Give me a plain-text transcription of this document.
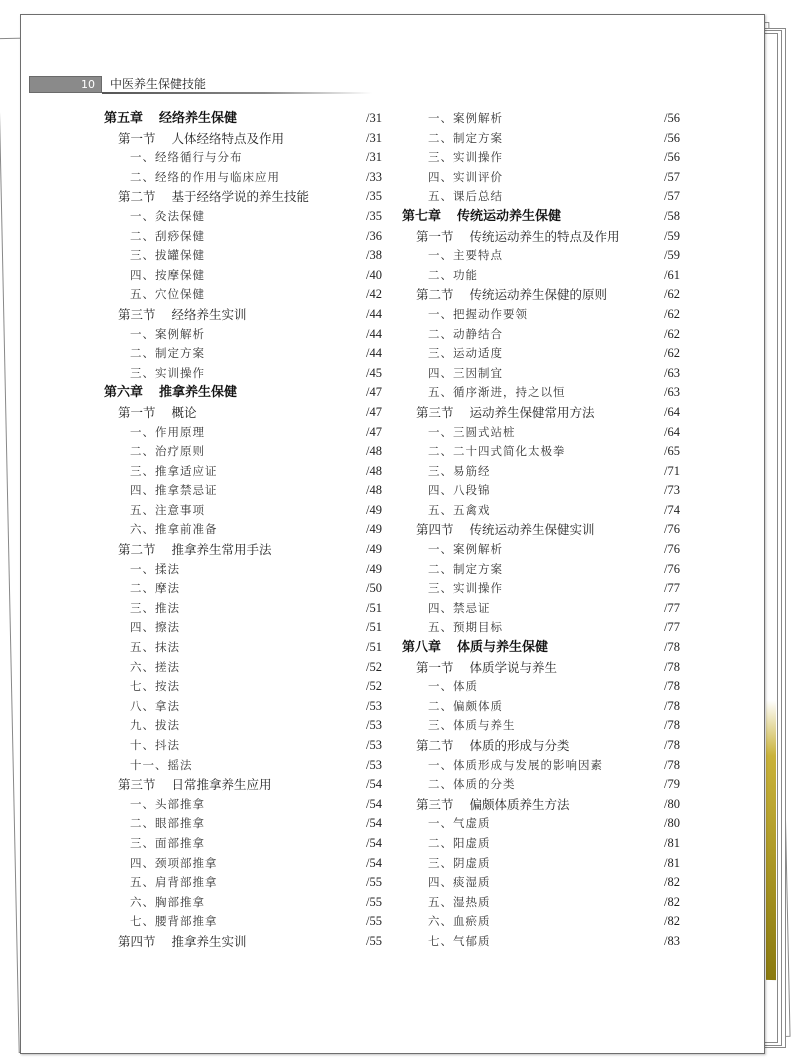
10	中医养生保健技能
第五章 经络养生保健	/31
第一节 人体经络特点及作用	/31
一、经络循行与分布	/31
二、经络的作用与临床应用	/33
第二节 基于经络学说的养生技能	/35
一、灸法保健	/35
二、刮痧保健	/36
三、拔罐保健	/38
四、按摩保健	/40
五、穴位保健	/42
第三节 经络养生实训	/44
一、案例解析	/44
二、制定方案	/44
三、实训操作	/45
第六章 推拿养生保健	/47
第一节 概论	/47
一、作用原理	/47
二、治疗原则	/48
三、推拿适应证	/48
四、推拿禁忌证	/48
五、注意事项	/49
六、推拿前准备	/49
第二节 推拿养生常用手法	/49
一、揉法	/49
二、摩法	/50
三、推法	/51
四、擦法	/51
五、抹法	/51
六、搓法	/52
七、按法	/52
八、拿法	/53
九、拔法	/53
十、抖法	/53
十一、摇法	/53
第三节 日常推拿养生应用	/54
一、头部推拿	/54
二、眼部推拿	/54
三、面部推拿	/54
四、颈项部推拿	/54
五、肩背部推拿	/55
六、胸部推拿	/55
七、腰背部推拿	/55
第四节 推拿养生实训	/55
一、案例解析	/56
二、制定方案	/56
三、实训操作	/56
四、实训评价	/57
五、课后总结	/57
第七章 传统运动养生保健	/58
第一节 传统运动养生的特点及作用	/59
一、主要特点	/59
二、功能	/61
第二节 传统运动养生保健的原则	/62
一、把握动作要领	/62
二、动静结合	/62
三、运动适度	/62
四、三因制宜	/63
五、循序渐进，持之以恒	/63
第三节 运动养生保健常用方法	/64
一、三圆式站桩	/64
二、二十四式简化太极拳	/65
三、易筋经	/71
四、八段锦	/73
五、五禽戏	/74
第四节 传统运动养生保健实训	/76
一、案例解析	/76
二、制定方案	/76
三、实训操作	/77
四、禁忌证	/77
五、预期目标	/77
第八章 体质与养生保健	/78
第一节 体质学说与养生	/78
一、体质	/78
二、偏颇体质	/78
三、体质与养生	/78
第二节 体质的形成与分类	/78
一、体质形成与发展的影响因素	/78
二、体质的分类	/79
第三节 偏颇体质养生方法	/80
一、气虚质	/80
二、阳虚质	/81
三、阴虚质	/81
四、痰湿质	/82
五、湿热质	/82
六、血瘀质	/82
七、气郁质	/83
